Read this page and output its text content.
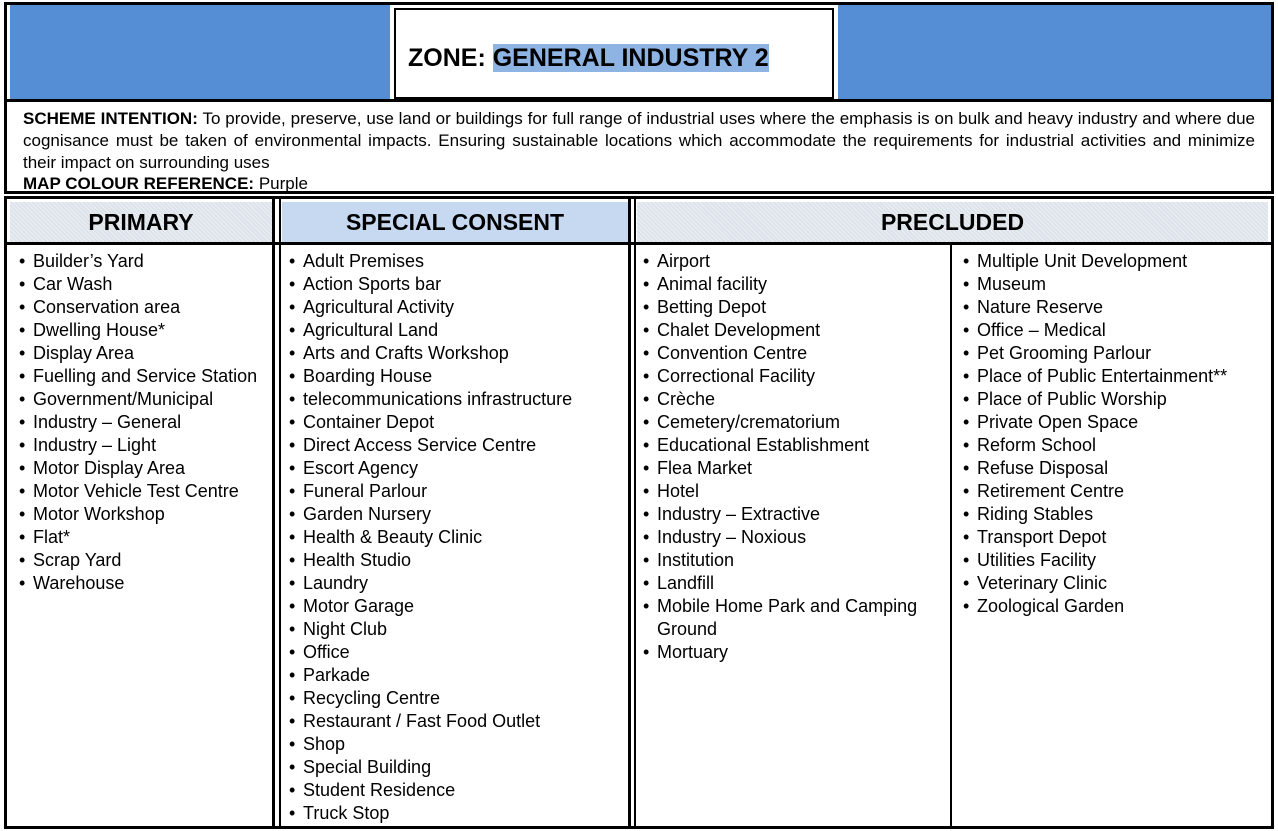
ZONE: GENERAL INDUSTRY 2

SCHEME INTENTION: To provide, preserve, use land or buildings for full range of industrial uses where the emphasis is on bulk and heavy industry and where due cognisance must be taken of environmental impacts. Ensuring sustainable locations which accommodate the requirements for industrial activities and minimize their impact on surrounding uses

MAP COLOUR REFERENCE: Purple
PRIMARY	SPECIAL CONSENT	PRECLUDED
• Builder’s Yard
• Car Wash
• Conservation area
• Dwelling House*
• Display Area
• Fuelling and Service Station
• Government/Municipal
• Industry – General
• Industry – Light
• Motor Display Area
• Motor Vehicle Test Centre
• Motor Workshop
• Flat*
• Scrap Yard
• Warehouse
• Adult Premises
• Action Sports bar
• Agricultural Activity
• Agricultural Land
• Arts and Crafts Workshop
• Boarding House
• telecommunications infrastructure
• Container Depot
• Direct Access Service Centre
• Escort Agency
• Funeral Parlour
• Garden Nursery
• Health & Beauty Clinic
• Health Studio
• Laundry
• Motor Garage
• Night Club
• Office
• Parkade
• Recycling Centre
• Restaurant / Fast Food Outlet
• Shop
• Special Building
• Student Residence
• Truck Stop
• Airport
• Animal facility
• Betting Depot
• Chalet Development
• Convention Centre
• Correctional Facility
• Crèche
• Cemetery/crematorium
• Educational Establishment
• Flea Market
• Hotel
• Industry – Extractive
• Industry – Noxious
• Institution
• Landfill
• Mobile Home Park and Camping Ground
• Mortuary
• Multiple Unit Development
• Museum
• Nature Reserve
• Office – Medical
• Pet Grooming Parlour
• Place of Public Entertainment**
• Place of Public Worship
• Private Open Space
• Reform School
• Refuse Disposal
• Retirement Centre
• Riding Stables
• Transport Depot
• Utilities Facility
• Veterinary Clinic
• Zoological Garden
